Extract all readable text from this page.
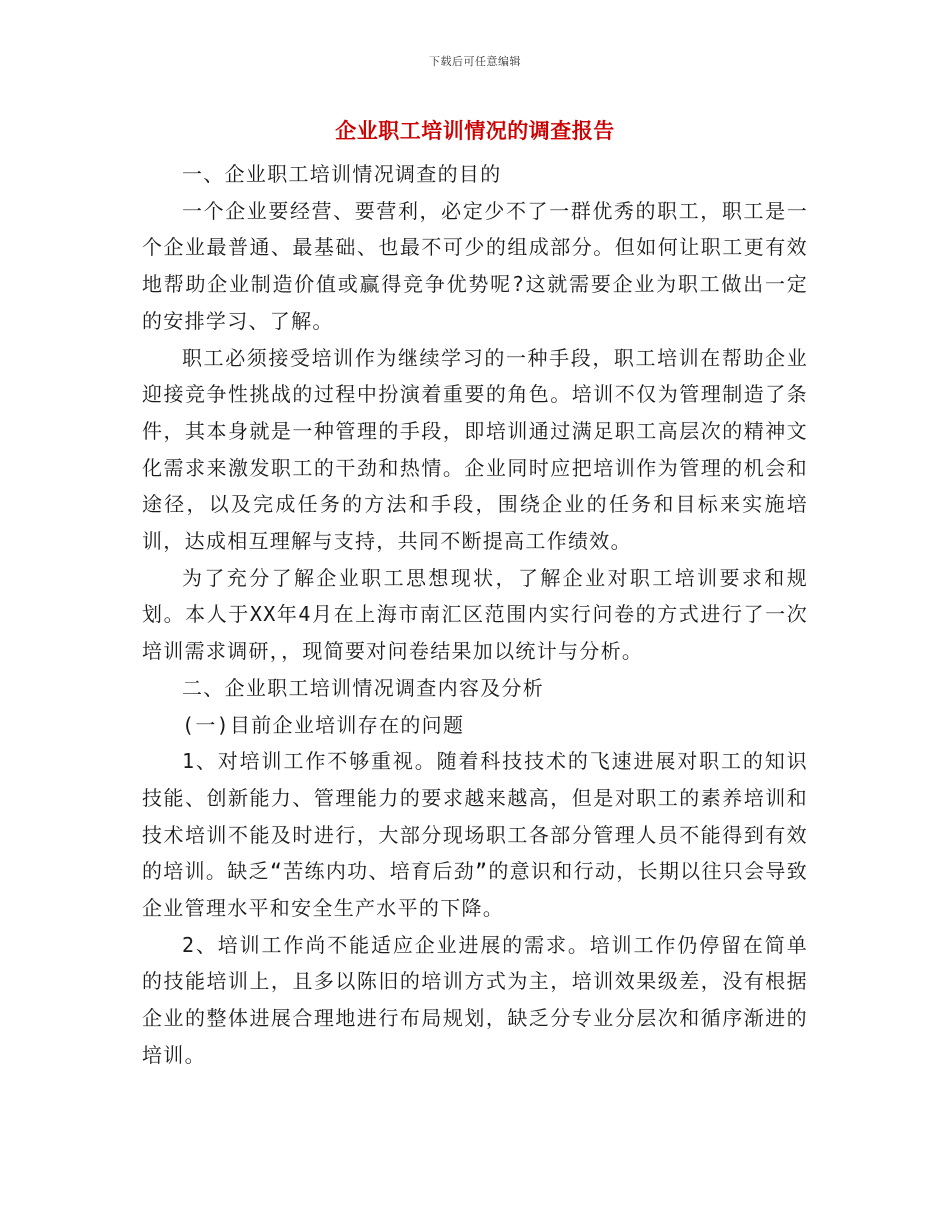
下载后可任意编辑
企业职工培训情况的调查报告

一、企业职工培训情况调查的目的

一个企业要经营、要营利，必定少不了一群优秀的职工，职工是一个企业最普通、最基础、也最不可少的组成部分。但如何让职工更有效地帮助企业制造价值或赢得竞争优势呢?这就需要企业为职工做出一定的安排学习、了解。

职工必须接受培训作为继续学习的一种手段，职工培训在帮助企业迎接竞争性挑战的过程中扮演着重要的角色。培训不仅为管理制造了条件，其本身就是一种管理的手段，即培训通过满足职工高层次的精神文化需求来激发职工的干劲和热情。企业同时应把培训作为管理的机会和途径，以及完成任务的方法和手段，围绕企业的任务和目标来实施培训，达成相互理解与支持，共同不断提高工作绩效。

为了充分了解企业职工思想现状，了解企业对职工培训要求和规划。本人于XX年4月在上海市南汇区范围内实行问卷的方式进行了一次培训需求调研，，现简要对问卷结果加以统计与分析。

二、企业职工培训情况调查内容及分析

(一)目前企业培训存在的问题

1、对培训工作不够重视。随着科技技术的飞速进展对职工的知识技能、创新能力、管理能力的要求越来越高，但是对职工的素养培训和技术培训不能及时进行，大部分现场职工各部分管理人员不能得到有效的培训。缺乏“苦练内功、培育后劲”的意识和行动，长期以往只会导致企业管理水平和安全生产水平的下降。

2、培训工作尚不能适应企业进展的需求。培训工作仍停留在简单的技能培训上，且多以陈旧的培训方式为主，培训效果级差，没有根据企业的整体进展合理地进行布局规划，缺乏分专业分层次和循序渐进的培训。
